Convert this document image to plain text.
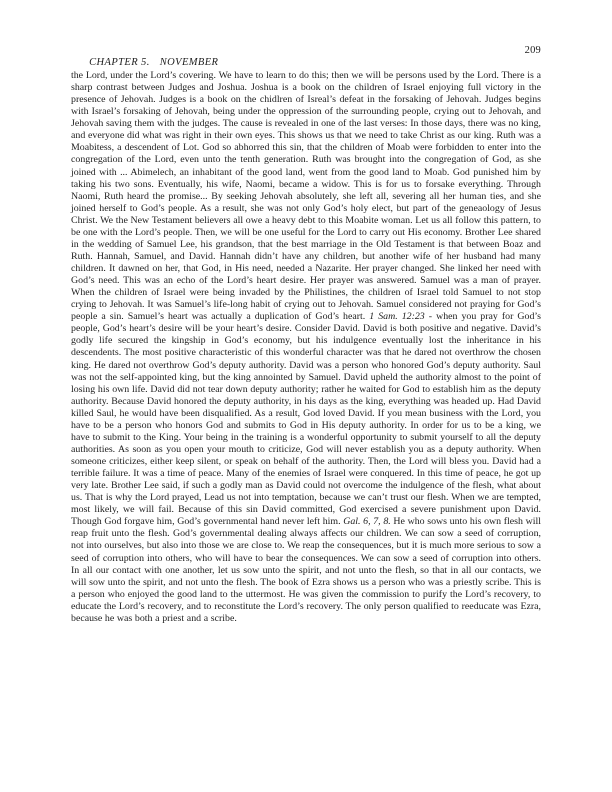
CHAPTER 5. NOVEMBER

209
the Lord, under the Lord’s covering. We have to learn to do this; then we will be persons used by the Lord. There is a sharp contrast between Judges and Joshua. Joshua is a book on the children of Israel enjoying full victory in the presence of Jehovah. Judges is a book on the chidlren of Isreal’s defeat in the forsaking of Jehovah. Judges begins with Israel’s forsaking of Jehovah, being under the oppression of the surrounding people, crying out to Jehovah, and Jehovah saving them with the judges. The cause is revealed in one of the last verses: In those days, there was no king, and everyone did what was right in their own eyes. This shows us that we need to take Christ as our king. Ruth was a Moabitess, a descendent of Lot. God so abhorred this sin, that the children of Moab were forbidden to enter into the congregation of the Lord, even unto the tenth generation. Ruth was brought into the congregation of God, as she joined with ... Abimelech, an inhabitant of the good land, went from the good land to Moab. God punished him by taking his two sons. Eventually, his wife, Naomi, became a widow. This is for us to forsake everything. Through Naomi, Ruth heard the promise... By seeking Jehovah absolutely, she left all, severing all her human ties, and she joined herself to God’s people. As a result, she was not only God’s holy elect, but part of the geneaology of Jesus Christ. We the New Testament believers all owe a heavy debt to this Moabite woman. Let us all follow this pattern, to be one with the Lord’s people. Then, we will be one useful for the Lord to carry out His economy. Brother Lee shared in the wedding of Samuel Lee, his grandson, that the best marriage in the Old Testament is that between Boaz and Ruth. Hannah, Samuel, and David. Hannah didn’t have any children, but another wife of her husband had many children. It dawned on her, that God, in His need, needed a Nazarite. Her prayer changed. She linked her need with God’s need. This was an echo of the Lord’s heart desire. Her prayer was answered. Samuel was a man of prayer. When the children of Israel were being invaded by the Philistines, the children of Israel told Samuel to not stop crying to Jehovah. It was Samuel’s life-long habit of crying out to Jehovah. Samuel considered not praying for God’s people a sin. Samuel’s heart was actually a duplication of God’s heart. 1 Sam. 12:23 - when you pray for God’s people, God’s heart’s desire will be your heart’s desire. Consider David. David is both positive and negative. David’s godly life secured the kingship in God’s economy, but his indulgence eventually lost the inheritance in his descendents. The most positive characteristic of this wonderful character was that he dared not overthrow the chosen king. He dared not overthrow God’s deputy authority. David was a person who honored God’s deputy authority. Saul was not the self-appointed king, but the king annointed by Samuel. David upheld the authority almost to the point of losing his own life. David did not tear down deputy authority; rather he waited for God to establish him as the deputy authority. Because David honored the deputy authority, in his days as the king, everything was headed up. Had David killed Saul, he would have been disqualified. As a result, God loved David. If you mean business with the Lord, you have to be a person who honors God and submits to God in His deputy authority. In order for us to be a king, we have to submit to the King. Your being in the training is a wonderful opportunity to submit yourself to all the deputy authorities. As soon as you open your mouth to criticize, God will never establish you as a deputy authority. When someone criticizes, either keep silent, or speak on behalf of the authority. Then, the Lord will bless you. David had a terrible failure. It was a time of peace. Many of the enemies of Israel were conquered. In this time of peace, he got up very late. Brother Lee said, if such a godly man as David could not overcome the indulgence of the flesh, what about us. That is why the Lord prayed, Lead us not into temptation, because we can’t trust our flesh. When we are tempted, most likely, we will fail. Because of this sin David committed, God exercised a severe punishment upon David. Though God forgave him, God’s governmental hand never left him. Gal. 6, 7, 8. He who sows unto his own flesh will reap fruit unto the flesh. God’s governmental dealing always affects our children. We can sow a seed of corruption, not into ourselves, but also into those we are close to. We reap the consequences, but it is much more serious to sow a seed of corruption into others, who will have to bear the consequences. We can sow a seed of corruption into others. In all our contact with one another, let us sow unto the spirit, and not unto the flesh, so that in all our contacts, we will sow unto the spirit, and not unto the flesh. The book of Ezra shows us a person who was a priestly scribe. This is a person who enjoyed the good land to the uttermost. He was given the commission to purify the Lord’s recovery, to educate the Lord’s recovery, and to reconstitute the Lord’s recovery. The only person qualified to reeducate was Ezra, because he was both a priest and a scribe.
